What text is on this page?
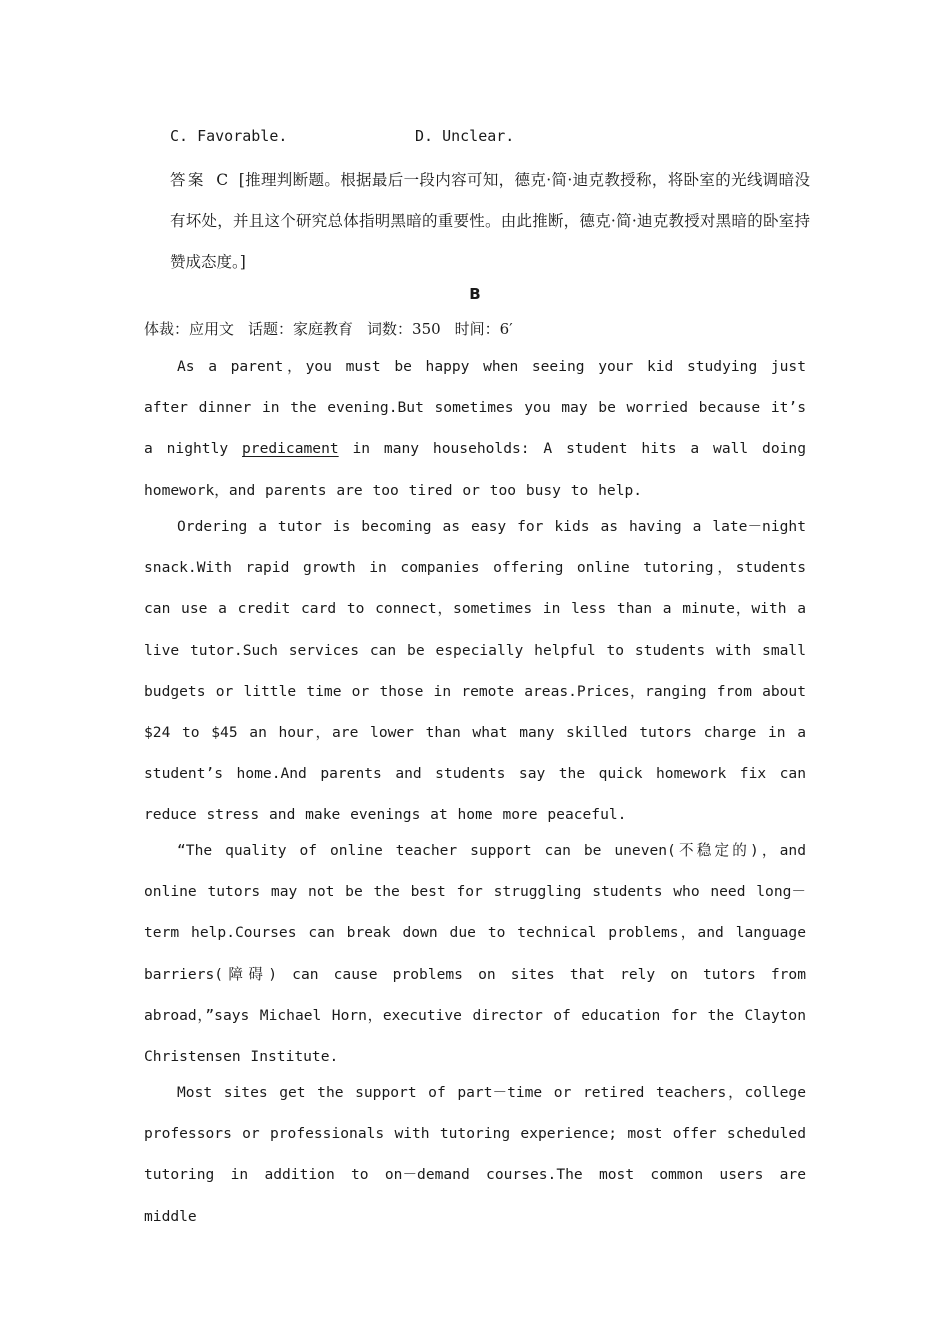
C. Favorable.	D. Unclear.
答案 C [推理判断题。根据最后一段内容可知，德克·简·迪克教授称，将卧室的光线调暗没有坏处，并且这个研究总体指明黑暗的重要性。由此推断，德克·简·迪克教授对黑暗的卧室持赞成态度。]
B
体裁：应用文 话题：家庭教育 词数：350 时间：6′
As a parent，you must be happy when seeing your kid studying just after dinner in the evening.But sometimes you may be worried because it’s a nightly predicament in many households: A student hits a wall doing homework，and parents are too tired or too busy to help.
Ordering a tutor is becoming as easy for kids as having a late－night snack.With rapid growth in companies offering online tutoring，students can use a credit card to connect，sometimes in less than a minute，with a live tutor.Such services can be especially helpful to students with small budgets or little time or those in remote areas.Prices，ranging from about $24 to $45 an hour，are lower than what many skilled tutors charge in a student’s home.And parents and students say the quick homework fix can reduce stress and make evenings at home more peaceful.
“The quality of online teacher support can be uneven(不稳定的)，and online tutors may not be the best for struggling students who need long－term help.Courses can break down due to technical problems，and language barriers(障碍) can cause problems on sites that rely on tutors from abroad，”says Michael Horn，executive director of education for the Clayton Christensen Institute.
Most sites get the support of part－time or retired teachers，college professors or professionals with tutoring experience; most offer scheduled tutoring in addition to on－demand courses.The most common users are middle
